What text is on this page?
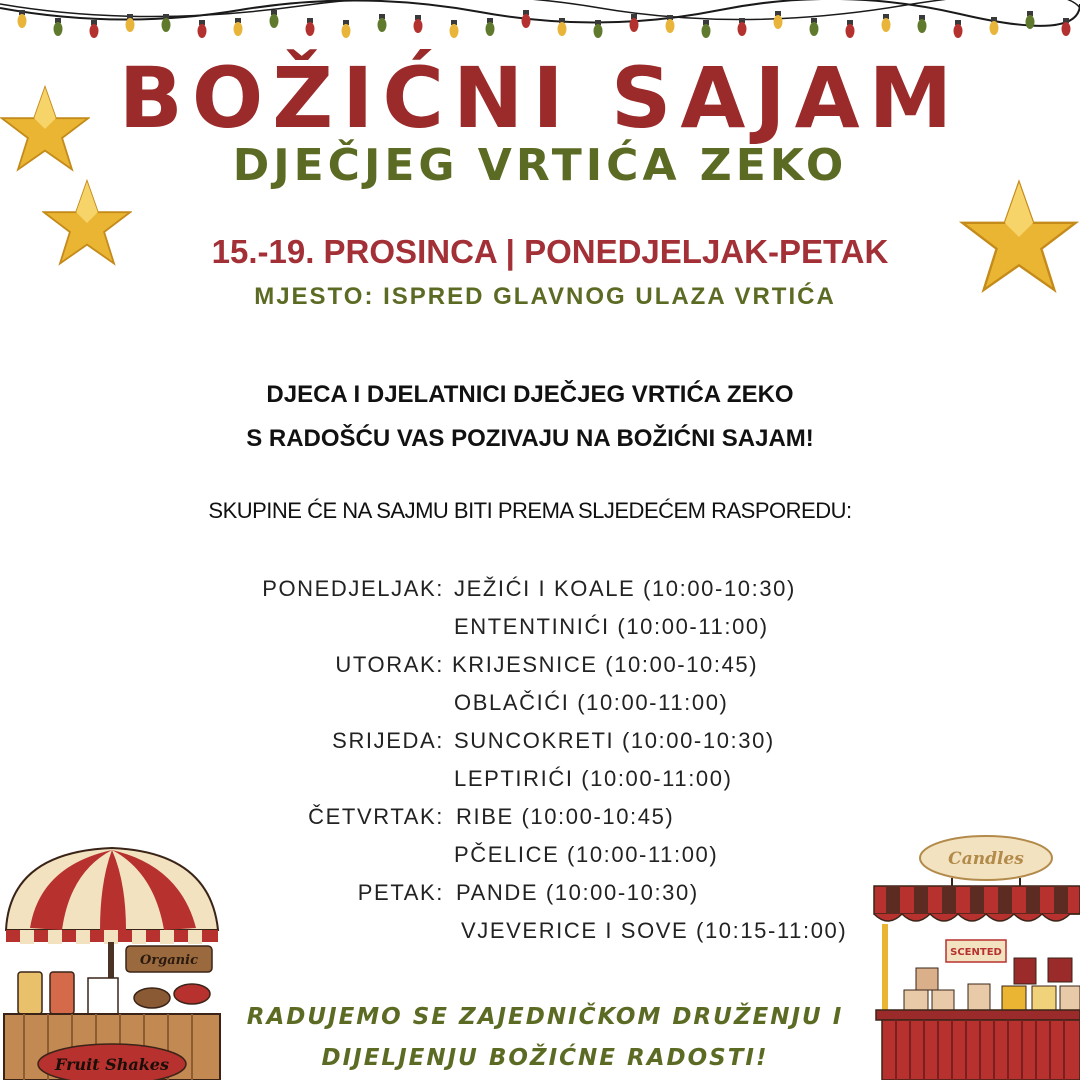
BOŽIĆNI SAJAM
DJEČJEG VRTIĆA ZEKO
15.-19. PROSINCA | PONEDJELJAK-PETAK
MJESTO: ISPRED GLAVNOG ULAZA VRTIĆA
DJECA I DJELATNICI DJEČJEG VRTIĆA ZEKO
S RADOŠĆU VAS POZIVAJU NA BOŽIĆNI SAJAM!
SKUPINE ĆE NA SAJMU BITI PREMA SLJEDEĆEM RASPOREDU:
PONEDJELJAK: JEŽIĆI I KOALE (10:00-10:30)
ENTENTINIĆI (10:00-11:00)
UTORAK: KRIJESNICE (10:00-10:45)
OBLAČIĆI (10:00-11:00)
SRIJEDA: SUNCOKRETI (10:00-10:30)
LEPTIRIĆI (10:00-11:00)
ČETVRTAK: RIBE (10:00-10:45)
PČELICE (10:00-11:00)
PETAK: PANDE (10:00-10:30)
VJEVERICE I SOVE (10:15-11:00)
RADUJEMO SE ZAJEDNIČKOM DRUŽENJU I
DIJELJENJU BOŽIĆNE RADOSTI!
Organic
Fruit Shakes
Candles
SCENTED
